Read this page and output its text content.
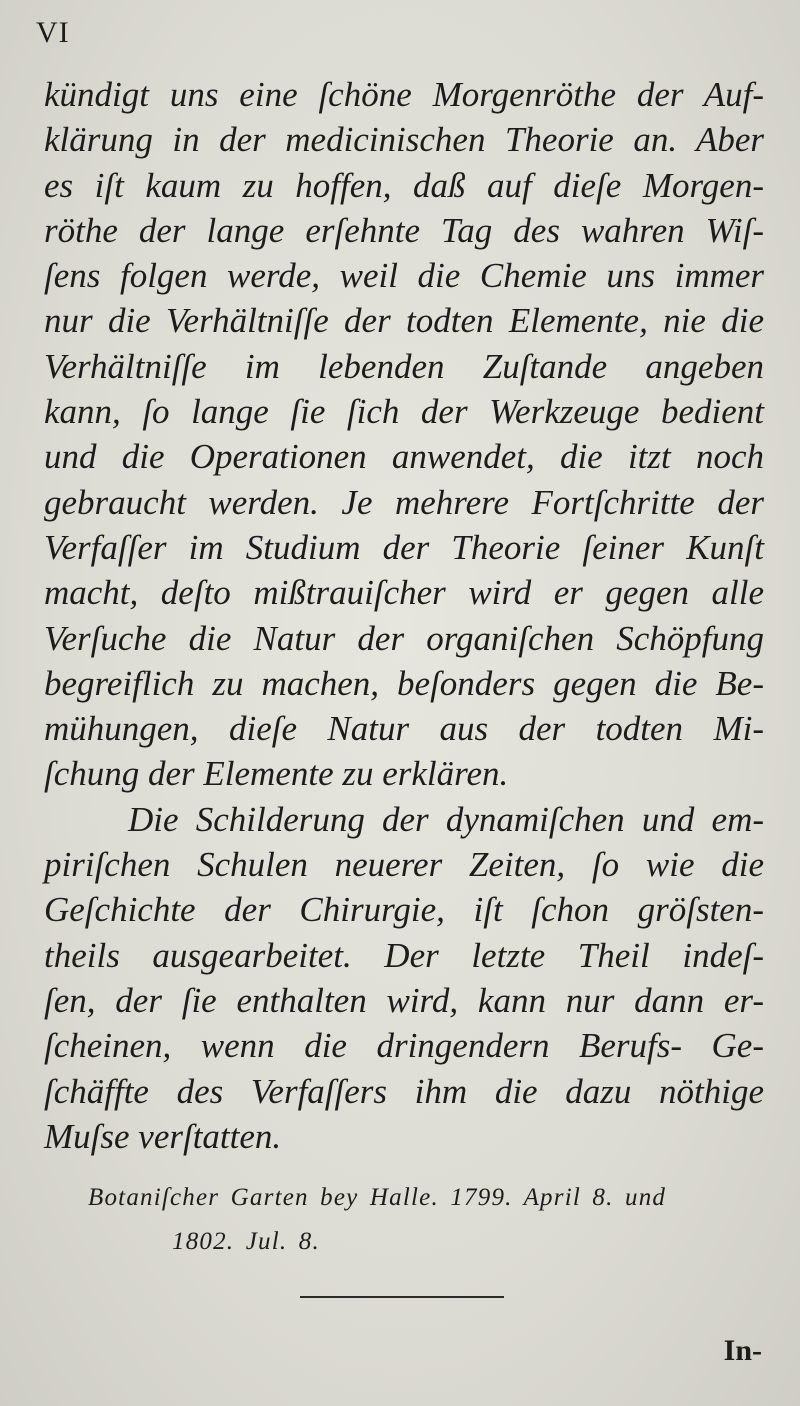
VI
kündigt uns eine ſchöne Morgenröthe der Auf-
klärung in der medicinischen Theorie an. Aber
es iſt kaum zu hoffen, daß auf dieſe Morgen-
röthe der lange erſehnte Tag des wahren Wiſ-
ſens folgen werde, weil die Chemie uns immer
nur die Verhältniſſe der todten Elemente, nie die
Verhältniſſe im lebenden Zuſtande angeben
kann, ſo lange ſie ſich der Werkzeuge bedient
und die Operationen anwendet, die itzt noch
gebraucht werden. Je mehrere Fortſchritte der
Verfaſſer im Studium der Theorie ſeiner Kunſt
macht, deſto mißtrauiſcher wird er gegen alle
Verſuche die Natur der organiſchen Schöpfung
begreiflich zu machen, beſonders gegen die Be-
mühungen, dieſe Natur aus der todten Mi-
ſchung der Elemente zu erklären.
Die Schilderung der dynamiſchen und em-
piriſchen Schulen neuerer Zeiten, ſo wie die
Geſchichte der Chirurgie, iſt ſchon gröſsten-
theils ausgearbeitet. Der letzte Theil indeſ-
ſen, der ſie enthalten wird, kann nur dann er-
ſcheinen, wenn die dringendern Berufs- Ge-
ſchäffte des Verfaſſers ihm die dazu nöthige
Muſse verſtatten.
Botaniſcher Garten bey Halle. 1799. April 8. und
1802. Jul. 8.
In-
